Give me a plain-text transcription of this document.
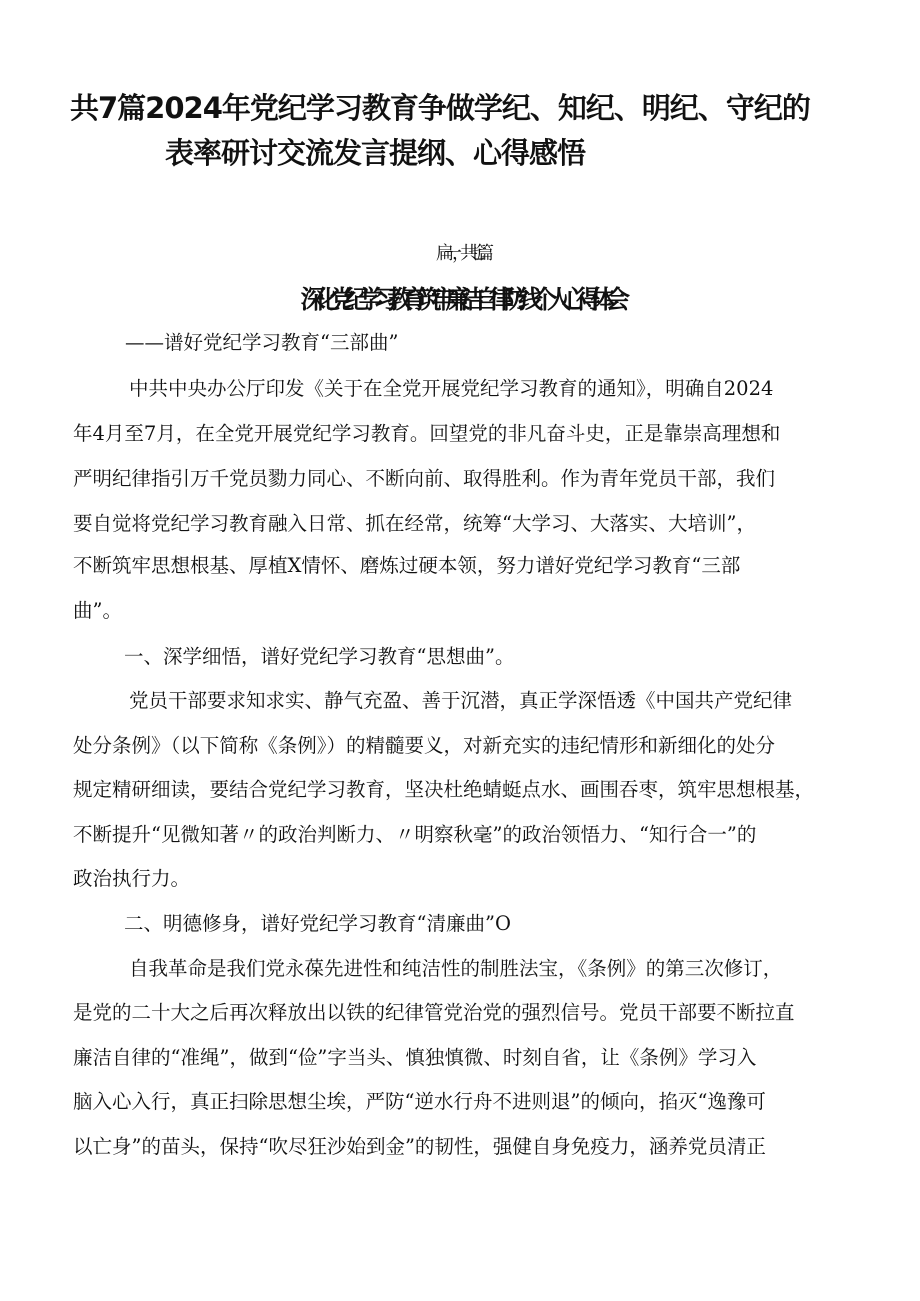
共7篇2024年党纪学习教育争做学纪、知纪、明纪、守纪的
表率研讨交流发言提纲、心得感悟
扁一，共七篇
深化党纪学习教育筑牢廉洁自律防线个人心得体会
——谱好党纪学习教育“三部曲”
中共中央办公厅印发《关于在全党开展党纪学习教育的通知》，明确自2024
年4月至7月，在全党开展党纪学习教育。回望党的非凡奋斗史，正是靠崇高理想和
严明纪律指引万千党员勠力同心、不断向前、取得胜利。作为青年党员干部，我们
要自觉将党纪学习教育融入日常、抓在经常，统筹“大学习、大落实、大培训”，
不断筑牢思想根基、厚植X情怀、磨炼过硬本领，努力谱好党纪学习教育“三部
曲”。
一、深学细悟，谱好党纪学习教育“思想曲”。
党员干部要求知求实、静气充盈、善于沉潜，真正学深悟透《中国共产党纪律
处分条例》（以下简称《条例》）的精髓要义，对新充实的违纪情形和新细化的处分
规定精研细读，要结合党纪学习教育，坚决杜绝蜻蜓点水、画围吞枣，筑牢思想根基，
不断提升“见微知著〃的政治判断力、〃明察秋毫”的政治领悟力、“知行合一”的
政治执行力。
二、明德修身，谱好党纪学习教育“清廉曲”O
自我革命是我们党永葆先进性和纯洁性的制胜法宝，《条例》的第三次修订，
是党的二十大之后再次释放出以铁的纪律管党治党的强烈信号。党员干部要不断拉直
廉洁自律的“准绳”，做到“俭”字当头、慎独慎微、时刻自省，让《条例》学习入
脑入心入行，真正扫除思想尘埃，严防“逆水行舟不进则退”的倾向，掐灭“逸豫可
以亡身”的苗头，保持“吹尽狂沙始到金”的韧性，强健自身免疫力，涵养党员清正
